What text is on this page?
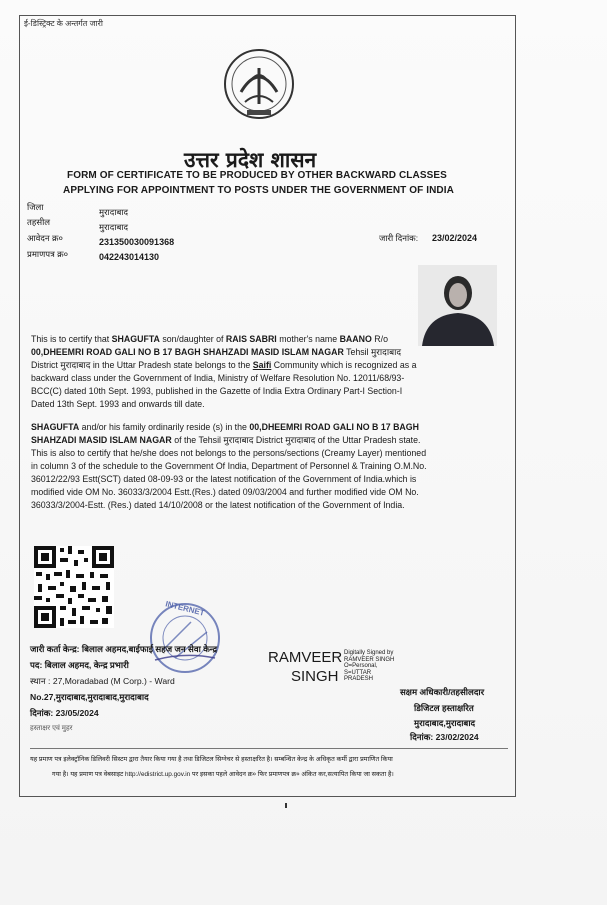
ई-डिस्ट्रिक्ट के अन्तर्गत जारी
उत्तर प्रदेश शासन
FORM OF CERTIFICATE TO BE PRODUCED BY OTHER BACKWARD CLASSES
APPLYING FOR APPOINTMENT TO POSTS UNDER THE GOVERNMENT OF INDIA
जिला	मुरादाबाद
तहसील	मुरादाबाद
आवेदन क्र०	231350030091368
प्रमाणपत्र क्र०	042243014130
जारी दिनांक: 23/02/2024
This is to certify that SHAGUFTA son/daughter of RAIS SABRI mother's name BAANO R/o
00,DHEEMRI ROAD GALI NO B 17 BAGH SHAHZADI MASID ISLAM NAGAR Tehsil मुरादाबाद
District मुरादाबाद in the Uttar Pradesh state belongs to the Saifi Community which is recognized as a
backward class under the Government of India, Ministry of Welfare Resolution No. 12011/68/93-
BCC(C) dated 10th Sept. 1993, published in the Gazette of India Extra Ordinary Part-I Section-I
Dated 13th Sept. 1993 and onwards till date.
SHAGUFTA and/or his family ordinarily reside (s) in the 00,DHEEMRI ROAD GALI NO B 17 BAGH
SHAHZADI MASID ISLAM NAGAR of the Tehsil मुरादाबाद District मुरादाबाद of the Uttar Pradesh state.
This is also to certify that he/she does not belongs to the persons/sections (Creamy Layer) mentioned
in column 3 of the schedule to the Government Of India, Department of Personnel & Training O.M.No.
36012/22/93 Estt(SCT) dated 08-09-93 or the latest notification of the Government of India.which is
modified vide OM No. 36033/3/2004 Estt.(Res.) dated 09/03/2004 and further modified vide OM No.
36033/3/2004-Estt. (Res.) dated 14/10/2008 or the latest notification of the Government of India.
INTERNET
जारी कर्ता केन्द्र: बिलाल अहमद,बाईफाई सहज जन सेवा केन्द्र
पद: बिलाल अहमद, केन्द्र प्रभारी
स्थान : 27,Moradabad (M Corp.) - Ward
No.27,मुरादाबाद,मुरादाबाद,मुरादाबाद
दिनांक: 23/05/2024
हस्ताक्षर एवं मुहर
RAMVEER
SINGH
Digitally Signed by
RAMVEER SINGH
O=Personal,
S=UTTAR
PRADESH
सक्षम अधिकारी/तहसीलदार
डिजिटल हस्ताक्षरित
मुरादाबाद,मुरादाबाद
दिनांक: 23/02/2024
यह प्रमाण पत्र इलेक्ट्रॉनिक डिलिवरी सिस्टम द्वारा तैयार किया गया है तथा डिजिटल सिग्नेचर से हस्ताक्षरित है। सम्बन्धित केन्द्र के अधिकृत कर्मी द्वारा प्रमाणित किया
गया है। यह प्रमाण पत्र वेबसाइट http://edistrict.up.gov.in पर इसका पहले आवेदन क्र० फिर प्रमाणपत्र क्र० अंकित कर,सत्यापित किया जा सकता है।
